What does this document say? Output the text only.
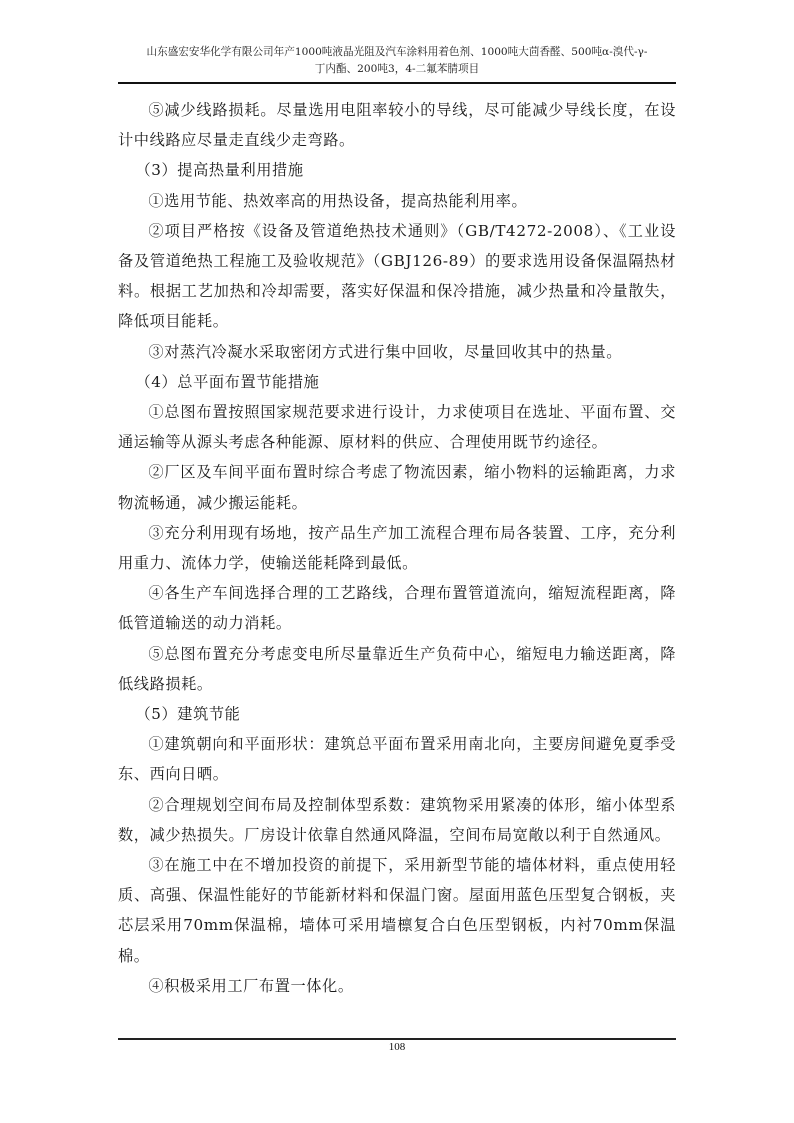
山东盛宏安华化学有限公司年产1000吨液晶光阻及汽车涂料用着色剂、1000吨大茴香醛、500吨α-溴代-γ-
丁内酯、200吨3，4-二氟苯腈项目

⑤减少线路损耗。尽量选用电阻率较小的导线，尽可能减少导线长度，在设计中线路应尽量走直线少走弯路。

（3）提高热量利用措施

①选用节能、热效率高的用热设备，提高热能利用率。

②项目严格按《设备及管道绝热技术通则》（GB/T4272-2008）、《工业设备及管道绝热工程施工及验收规范》（GBJ126-89）的要求选用设备保温隔热材料。根据工艺加热和冷却需要，落实好保温和保冷措施，减少热量和冷量散失，降低项目能耗。

③对蒸汽冷凝水采取密闭方式进行集中回收，尽量回收其中的热量。

（4）总平面布置节能措施

①总图布置按照国家规范要求进行设计，力求使项目在选址、平面布置、交通运输等从源头考虑各种能源、原材料的供应、合理使用既节约途径。

②厂区及车间平面布置时综合考虑了物流因素，缩小物料的运输距离，力求物流畅通，减少搬运能耗。

③充分利用现有场地，按产品生产加工流程合理布局各装置、工序，充分利用重力、流体力学，使输送能耗降到最低。

④各生产车间选择合理的工艺路线，合理布置管道流向，缩短流程距离，降低管道输送的动力消耗。

⑤总图布置充分考虑变电所尽量靠近生产负荷中心，缩短电力输送距离，降低线路损耗。

（5）建筑节能

①建筑朝向和平面形状：建筑总平面布置采用南北向，主要房间避免夏季受东、西向日晒。

②合理规划空间布局及控制体型系数：建筑物采用紧凑的体形，缩小体型系数，减少热损失。厂房设计依靠自然通风降温，空间布局宽敞以利于自然通风。

③在施工中在不增加投资的前提下，采用新型节能的墙体材料，重点使用轻质、高强、保温性能好的节能新材料和保温门窗。屋面用蓝色压型复合钢板，夹芯层采用70mm保温棉，墙体可采用墙檩复合白色压型钢板，内衬70mm保温棉。

④积极采用工厂布置一体化。

108
